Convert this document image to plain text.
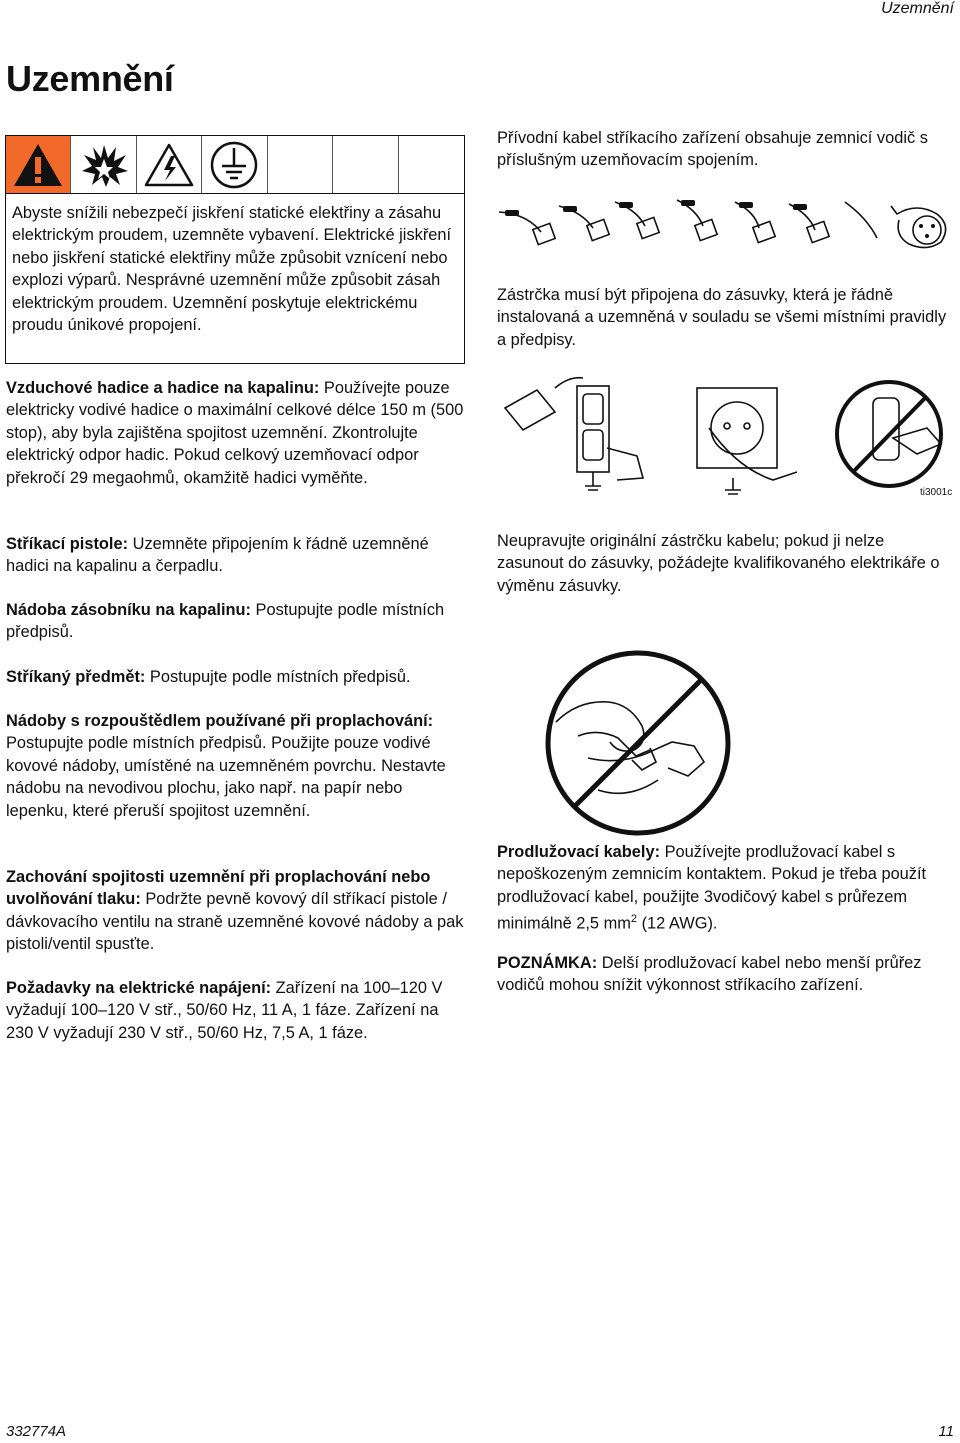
Uzemnění
Uzemnění
Abyste snížili nebezpečí jiskření statické elektřiny a zásahu elektrickým proudem, uzemněte vybavení. Elektrické jiskření nebo jiskření statické elektřiny může způsobit vznícení nebo explozi výparů. Nesprávné uzemnění může způsobit zásah elektrickým proudem. Uzemnění poskytuje elektrickému proudu únikové propojení.
Vzduchové hadice a hadice na kapalinu: Používejte pouze elektricky vodivé hadice o maximální celkové délce 150 m (500 stop), aby byla zajištěna spojitost uzemnění. Zkontrolujte elektrický odpor hadic. Pokud celkový uzemňovací odpor překročí 29 megaohmů, okamžitě hadici vyměňte.
Stříkací pistole: Uzemněte připojením k řádně uzemněné hadici na kapalinu a čerpadlu.
Nádoba zásobníku na kapalinu: Postupujte podle místních předpisů.
Stříkaný předmět: Postupujte podle místních předpisů.
Nádoby s rozpouštědlem používané při proplachování: Postupujte podle místních předpisů. Použijte pouze vodivé kovové nádoby, umístěné na uzemněném povrchu. Nestavte nádobu na nevodivou plochu, jako např. na papír nebo lepenku, které přeruší spojitost uzemnění.
Zachování spojitosti uzemnění při proplachování nebo uvolňování tlaku: Podržte pevně kovový díl stříkací pistole / dávkovacího ventilu na straně uzemněné kovové nádoby a pak pistoli/ventil spusťte.
Požadavky na elektrické napájení: Zařízení na 100–120 V vyžadují 100–120 V stř., 50/60 Hz, 11 A, 1 fáze. Zařízení na 230 V vyžadují 230 V stř., 50/60 Hz, 7,5 A, 1 fáze.
Přívodní kabel stříkacího zařízení obsahuje zemnicí vodič s příslušným uzemňovacím spojením.
Zástrčka musí být připojena do zásuvky, která je řádně instalovaná a uzemněná v souladu se všemi místními pravidly a předpisy.
ti3001c
Neupravujte originální zástrčku kabelu; pokud ji nelze zasunout do zásuvky, požádejte kvalifikovaného elektrikáře o výměnu zásuvky.
Prodlužovací kabely: Používejte prodlužovací kabel s nepoškozeným zemnicím kontaktem. Pokud je třeba použít prodlužovací kabel, použijte 3vodičový kabel s průřezem minimálně 2,5 $mm^2$ (12 AWG).
POZNÁMKA: Delší prodlužovací kabel nebo menší průřez vodičů mohou snížit výkonnost stříkacího zařízení.
332774A	11
